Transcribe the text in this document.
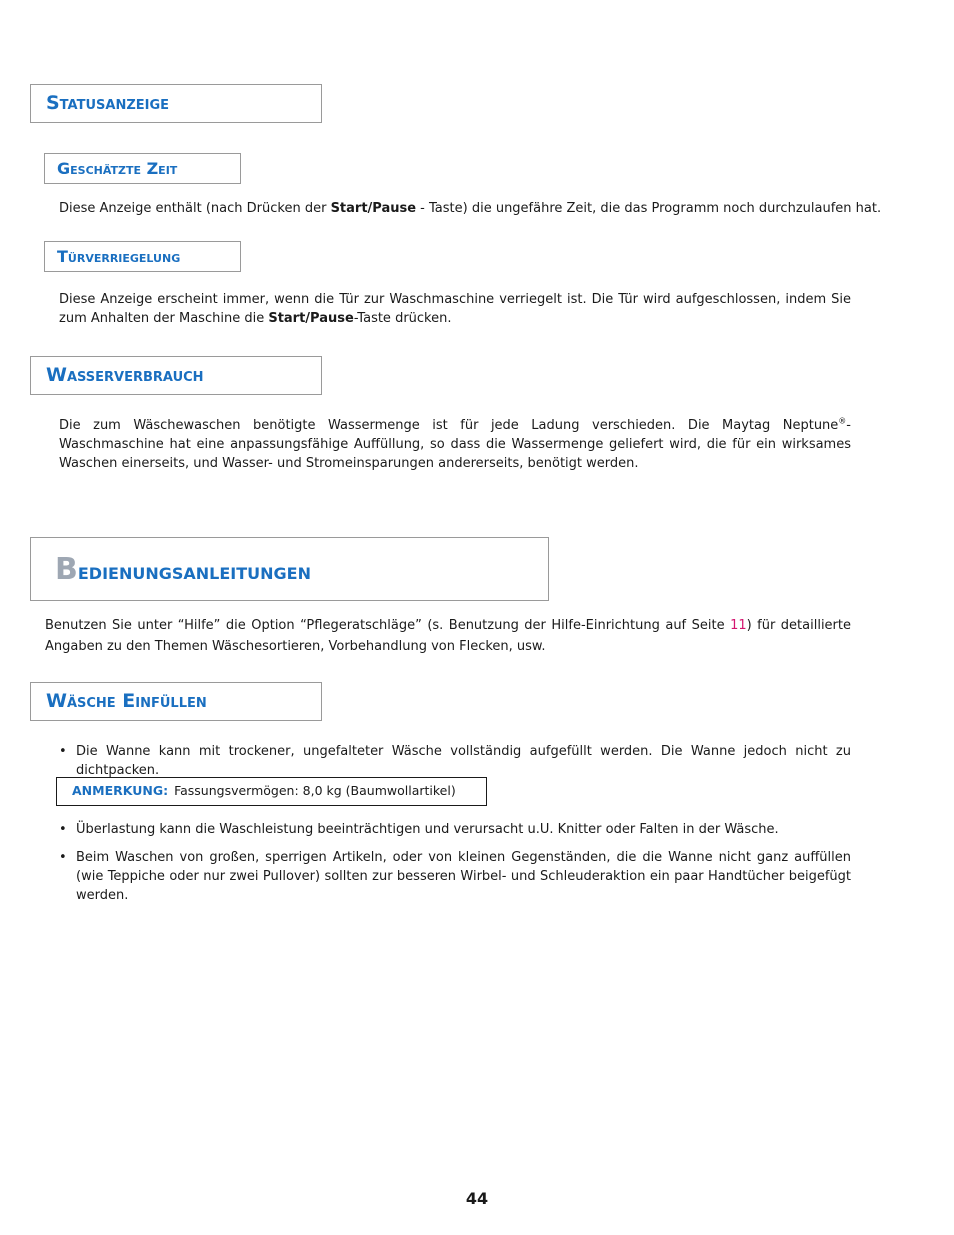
Statusanzeige
Geschätzte Zeit
Diese Anzeige enthält (nach Drücken der Start/Pause - Taste) die ungefähre Zeit, die das Programm noch durchzulaufen hat.
Türverriegelung
Diese Anzeige erscheint immer, wenn die Tür zur Waschmaschine verriegelt ist. Die Tür wird aufgeschlossen, indem Sie zum Anhalten der Maschine die Start/Pause-Taste drücken.
Wasserverbrauch
Die zum Wäschewaschen benötigte Wassermenge ist für jede Ladung verschieden. Die Maytag Neptune®-Waschmaschine hat eine anpassungsfähige Auffüllung, so dass die Wassermenge geliefert wird, die für ein wirksames Waschen einerseits, und Wasser- und Stromeinsparungen andererseits, benötigt werden.
Bedienungsanleitungen
Benutzen Sie unter “Hilfe” die Option “Pflegeratschläge” (s. Benutzung der Hilfe-Einrichtung auf Seite 11) für detaillierte Angaben zu den Themen Wäschesortieren, Vorbehandlung von Flecken, usw.
Wäsche Einfüllen
• Die Wanne kann mit trockener, ungefalteter Wäsche vollständig aufgefüllt werden. Die Wanne jedoch nicht zu dichtpacken.
ANMERKUNG: Fassungsvermögen: 8,0 kg (Baumwollartikel)
• Überlastung kann die Waschleistung beeinträchtigen und verursacht u.U. Knitter oder Falten in der Wäsche.
• Beim Waschen von großen, sperrigen Artikeln, oder von kleinen Gegenständen, die die Wanne nicht ganz auffüllen (wie Teppiche oder nur zwei Pullover) sollten zur besseren Wirbel- und Schleuderaktion ein paar Handtücher beigefügt werden.
44
